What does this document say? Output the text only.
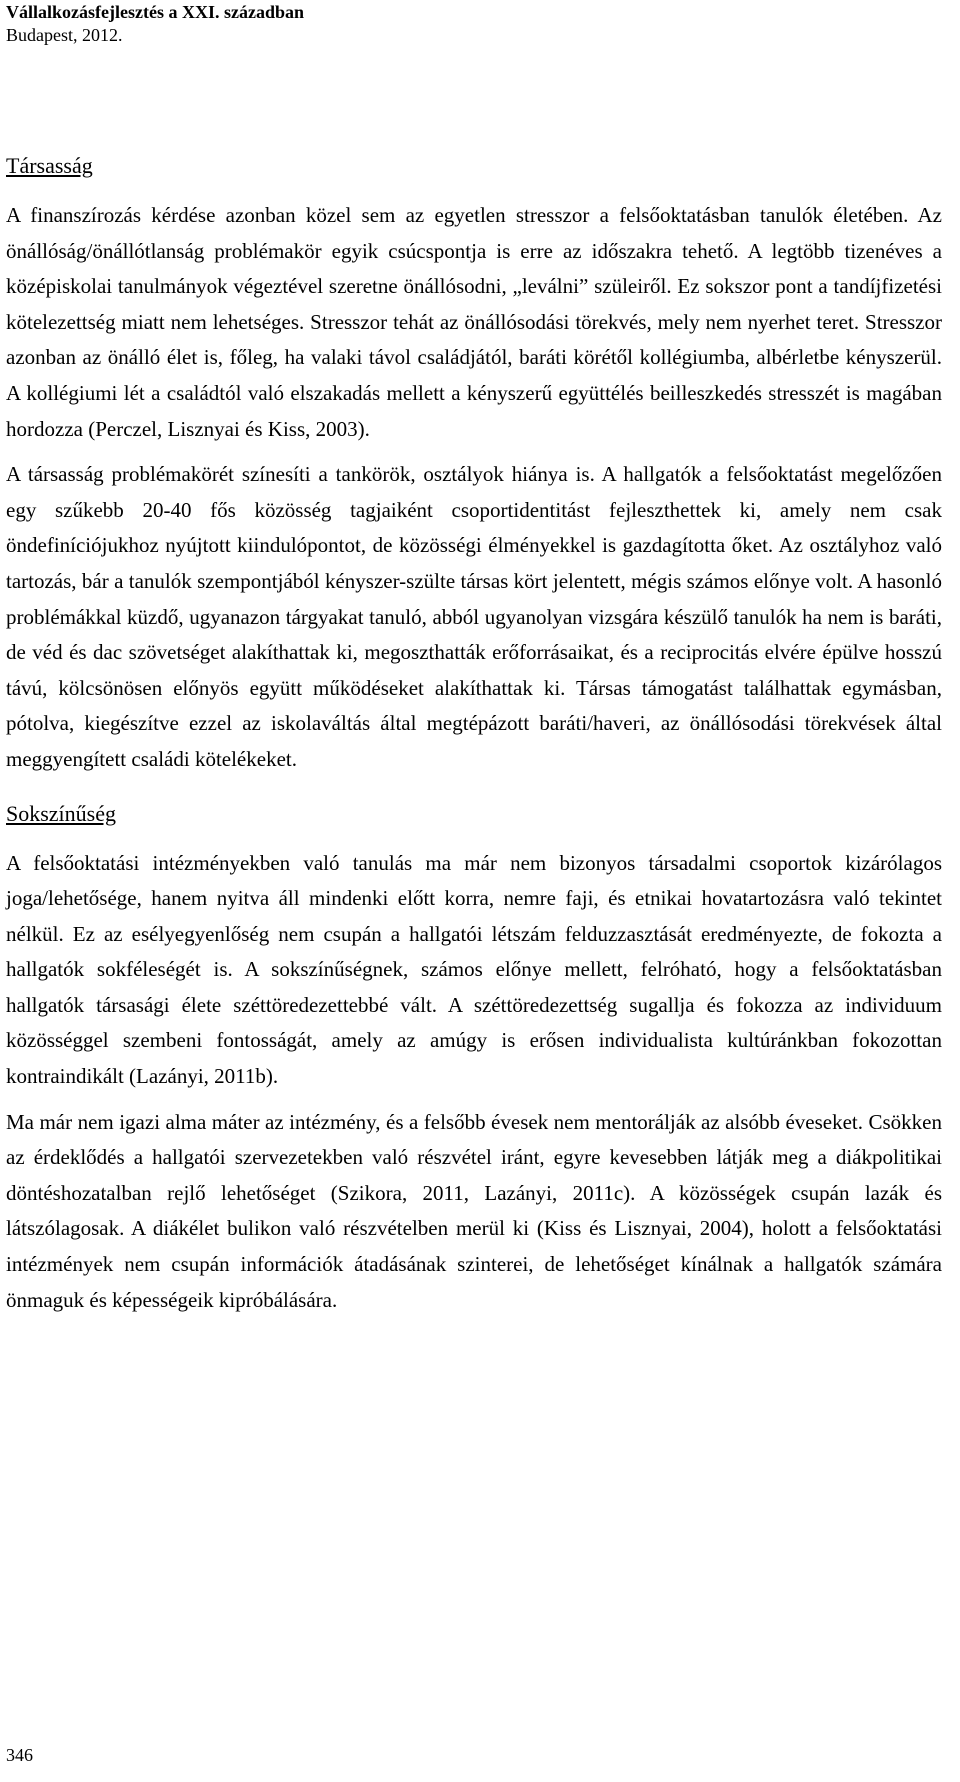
Vállalkozásfejlesztés a XXI. században
Budapest, 2012.
Társasság

A finanszírozás kérdése azonban közel sem az egyetlen stresszor a felsőoktatásban tanulók életében. Az önállóság/önállótlanság problémakör egyik csúcspontja is erre az időszakra tehető. A legtöbb tizenéves a középiskolai tanulmányok végeztével szeretne önállósodni, „leválni” szüleiről. Ez sokszor pont a tandíjfizetési kötelezettség miatt nem lehetséges. Stresszor tehát az önállósodási törekvés, mely nem nyerhet teret. Stresszor azonban az önálló élet is, főleg, ha valaki távol családjától, baráti körétől kollégiumba, albérletbe kényszerül. A kollégiumi lét a családtól való elszakadás mellett a kényszerű együttélés beilleszkedés stresszét is magában hordozza (Perczel, Lisznyai és Kiss, 2003).

A társasság problémakörét színesíti a tankörök, osztályok hiánya is. A hallgatók a felsőoktatást megelőzően egy szűkebb 20-40 fős közösség tagjaiként csoportidentitást fejleszthettek ki, amely nem csak öndefiníciójukhoz nyújtott kiindulópontot, de közösségi élményekkel is gazdagította őket. Az osztályhoz való tartozás, bár a tanulók szempontjából kényszer-szülte társas kört jelentett, mégis számos előnye volt. A hasonló problémákkal küzdő, ugyanazon tárgyakat tanuló, abból ugyanolyan vizsgára készülő tanulók ha nem is baráti, de véd és dac szövetséget alakíthattak ki, megoszthatták erőforrásaikat, és a reciprocitás elvére épülve hosszú távú, kölcsönösen előnyös együtt működéseket alakíthattak ki. Társas támogatást találhattak egymásban, pótolva, kiegészítve ezzel az iskolaváltás által megtépázott baráti/haveri, az önállósodási törekvések által meggyengített családi kötelékeket.

Sokszínűség

A felsőoktatási intézményekben való tanulás ma már nem bizonyos társadalmi csoportok kizárólagos joga/lehetősége, hanem nyitva áll mindenki előtt korra, nemre faji, és etnikai hovatartozásra való tekintet nélkül. Ez az esélyegyenlőség nem csupán a hallgatói létszám felduzzasztását eredményezte, de fokozta a hallgatók sokféleségét is. A sokszínűségnek, számos előnye mellett, felróható, hogy a felsőoktatásban hallgatók társasági élete széttöredezettebbé vált. A széttöredezettség sugallja és fokozza az individuum közösséggel szembeni fontosságát, amely az amúgy is erősen individualista kultúránkban fokozottan kontraindikált (Lazányi, 2011b).

Ma már nem igazi alma máter az intézmény, és a felsőbb évesek nem mentorálják az alsóbb éveseket. Csökken az érdeklődés a hallgatói szervezetekben való részvétel iránt, egyre kevesebben látják meg a diákpolitikai döntéshozatalban rejlő lehetőséget (Szikora, 2011, Lazányi, 2011c). A közösségek csupán lazák és látszólagosak. A diákélet bulikon való részvételben merül ki (Kiss és Lisznyai, 2004), holott a felsőoktatási intézmények nem csupán információk átadásának szinterei, de lehetőséget kínálnak a hallgatók számára önmaguk és képességeik kipróbálására.

346
